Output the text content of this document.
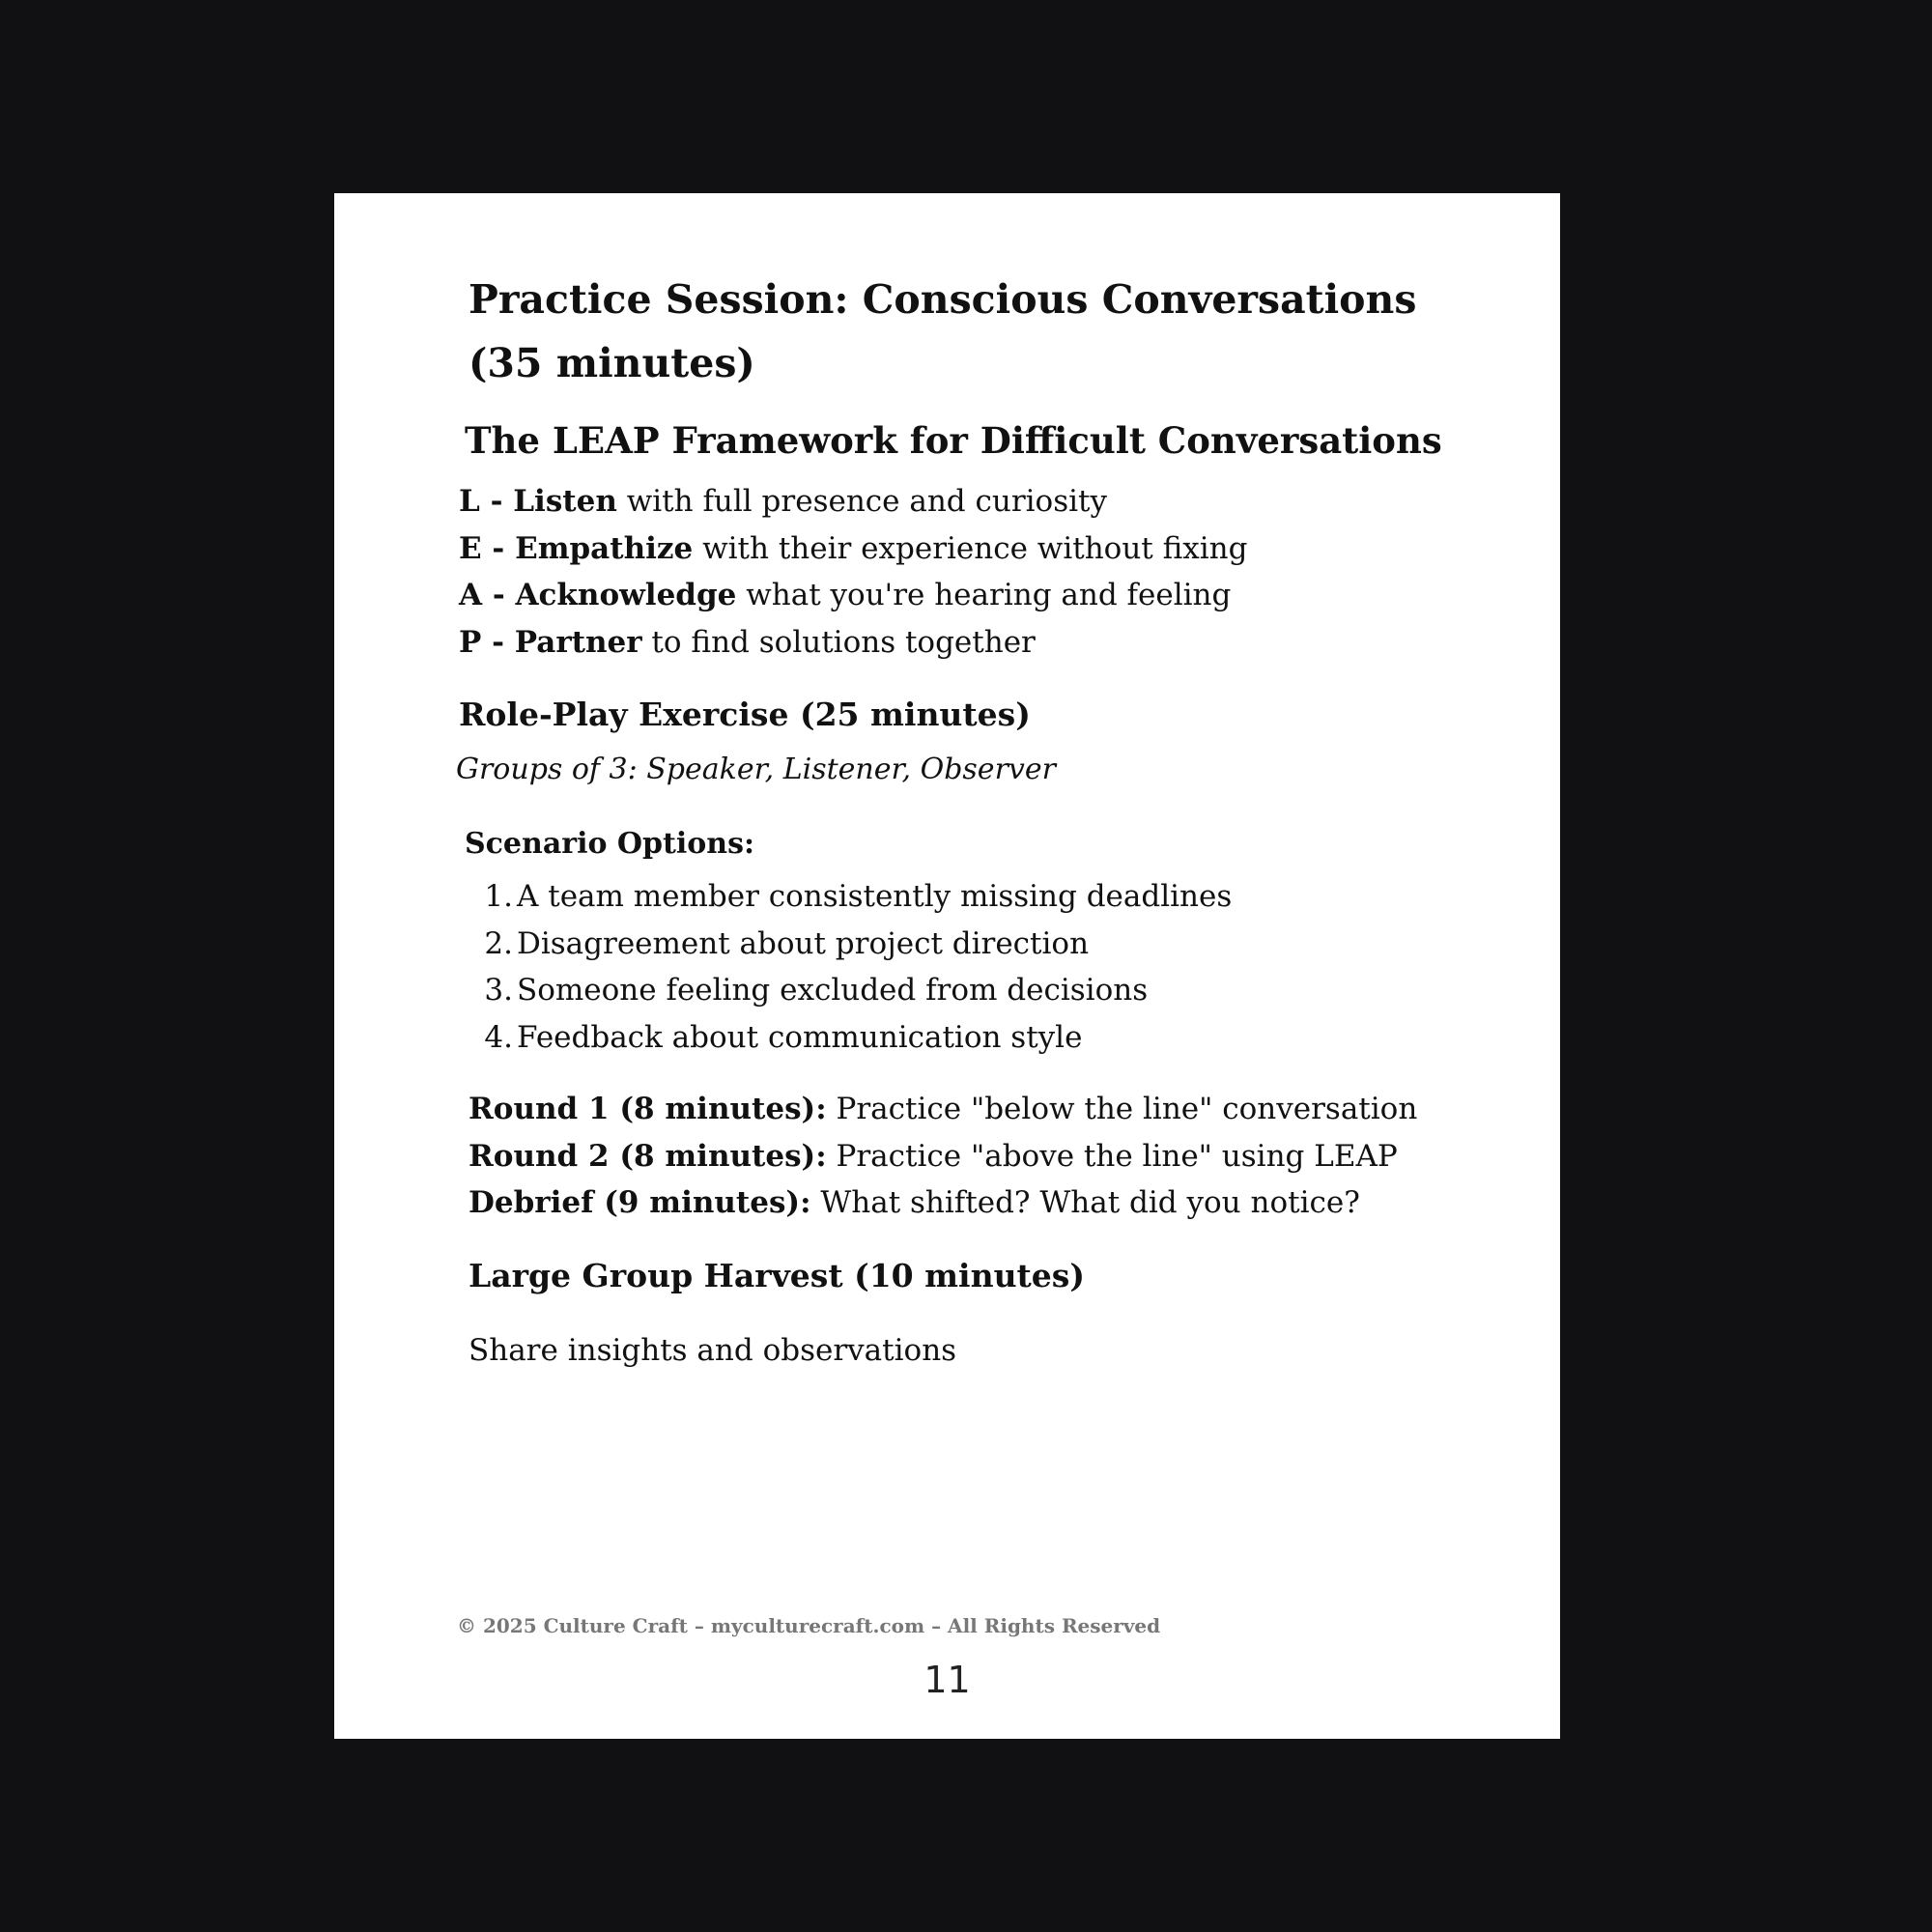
Practice Session: Conscious Conversations
(35 minutes)
The LEAP Framework for Difficult Conversations
L - Listen with full presence and curiosity
E - Empathize with their experience without fixing
A - Acknowledge what you're hearing and feeling
P - Partner to find solutions together
Role-Play Exercise (25 minutes)
Groups of 3: Speaker, Listener, Observer
Scenario Options:
1. A team member consistently missing deadlines
2. Disagreement about project direction
3. Someone feeling excluded from decisions
4. Feedback about communication style
Round 1 (8 minutes): Practice "below the line" conversation
Round 2 (8 minutes): Practice "above the line" using LEAP
Debrief (9 minutes): What shifted? What did you notice?
Large Group Harvest (10 minutes)
Share insights and observations
© 2025 Culture Craft – myculturecraft.com – All Rights Reserved
11
